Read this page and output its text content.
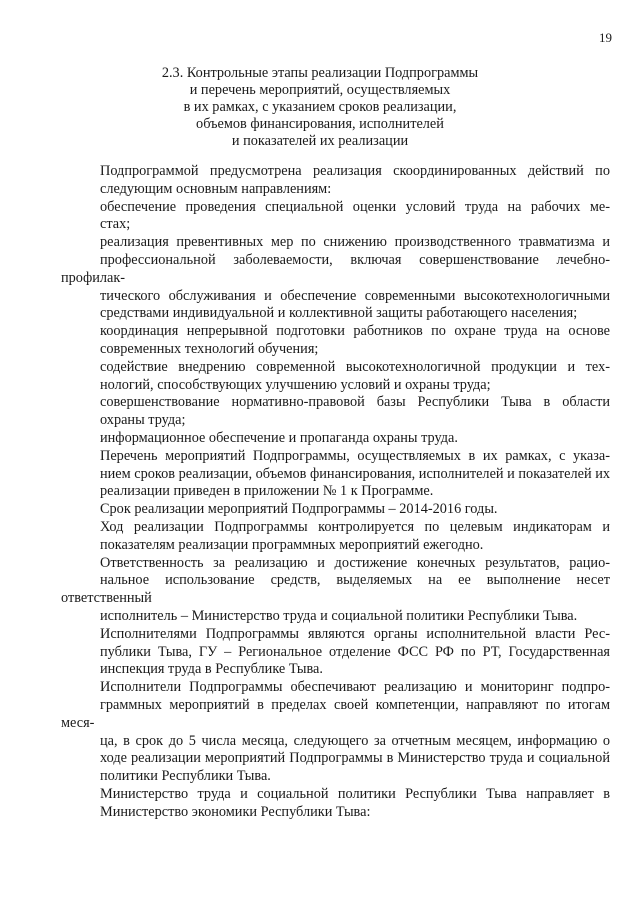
19
2.3. Контрольные этапы реализации Подпрограммы
и перечень мероприятий, осуществляемых
в их рамках, с указанием сроков реализации,
объемов финансирования, исполнителей
и показателей их реализации

Подпрограммой предусмотрена реализация скоординированных действий по
следующим основным направлениям:

обеспечение проведения специальной оценки условий труда на рабочих ме-
стах;

реализация превентивных мер по снижению производственного травматизма и
профессиональной заболеваемости, включая совершенствование лечебно-профилак-
тического обслуживания и обеспечение современными высокотехнологичными
средствами индивидуальной и коллективной защиты работающего населения;

координация непрерывной подготовки работников по охране труда на основе
современных технологий обучения;

содействие внедрению современной высокотехнологичной продукции и тех-
нологий, способствующих улучшению условий и охраны труда;

совершенствование нормативно-правовой базы Республики Тыва в области
охраны труда;

информационное обеспечение и пропаганда охраны труда.

Перечень мероприятий Подпрограммы, осуществляемых в их рамках, с указа-
нием сроков реализации, объемов финансирования, исполнителей и показателей их
реализации приведен в приложении № 1 к Программе.

Срок реализации мероприятий Подпрограммы – 2014-2016 годы.

Ход реализации Подпрограммы контролируется по целевым индикаторам и
показателям реализации программных мероприятий ежегодно.

Ответственность за реализацию и достижение конечных результатов, рацио-
нальное использование средств, выделяемых на ее выполнение несет ответственный
исполнитель – Министерство труда и социальной политики Республики Тыва.

Исполнителями Подпрограммы являются органы исполнительной власти Рес-
публики Тыва, ГУ – Региональное отделение ФСС РФ по РТ, Государственная
инспекция труда в Республике Тыва.

Исполнители Подпрограммы обеспечивают реализацию и мониторинг подпро-
граммных мероприятий в пределах своей компетенции, направляют по итогам меся-
ца, в срок до 5 числа месяца, следующего за отчетным месяцем, информацию о
ходе реализации мероприятий Подпрограммы в Министерство труда и социальной
политики Республики Тыва.

Министерство труда и социальной политики Республики Тыва направляет в
Министерство экономики Республики Тыва:
